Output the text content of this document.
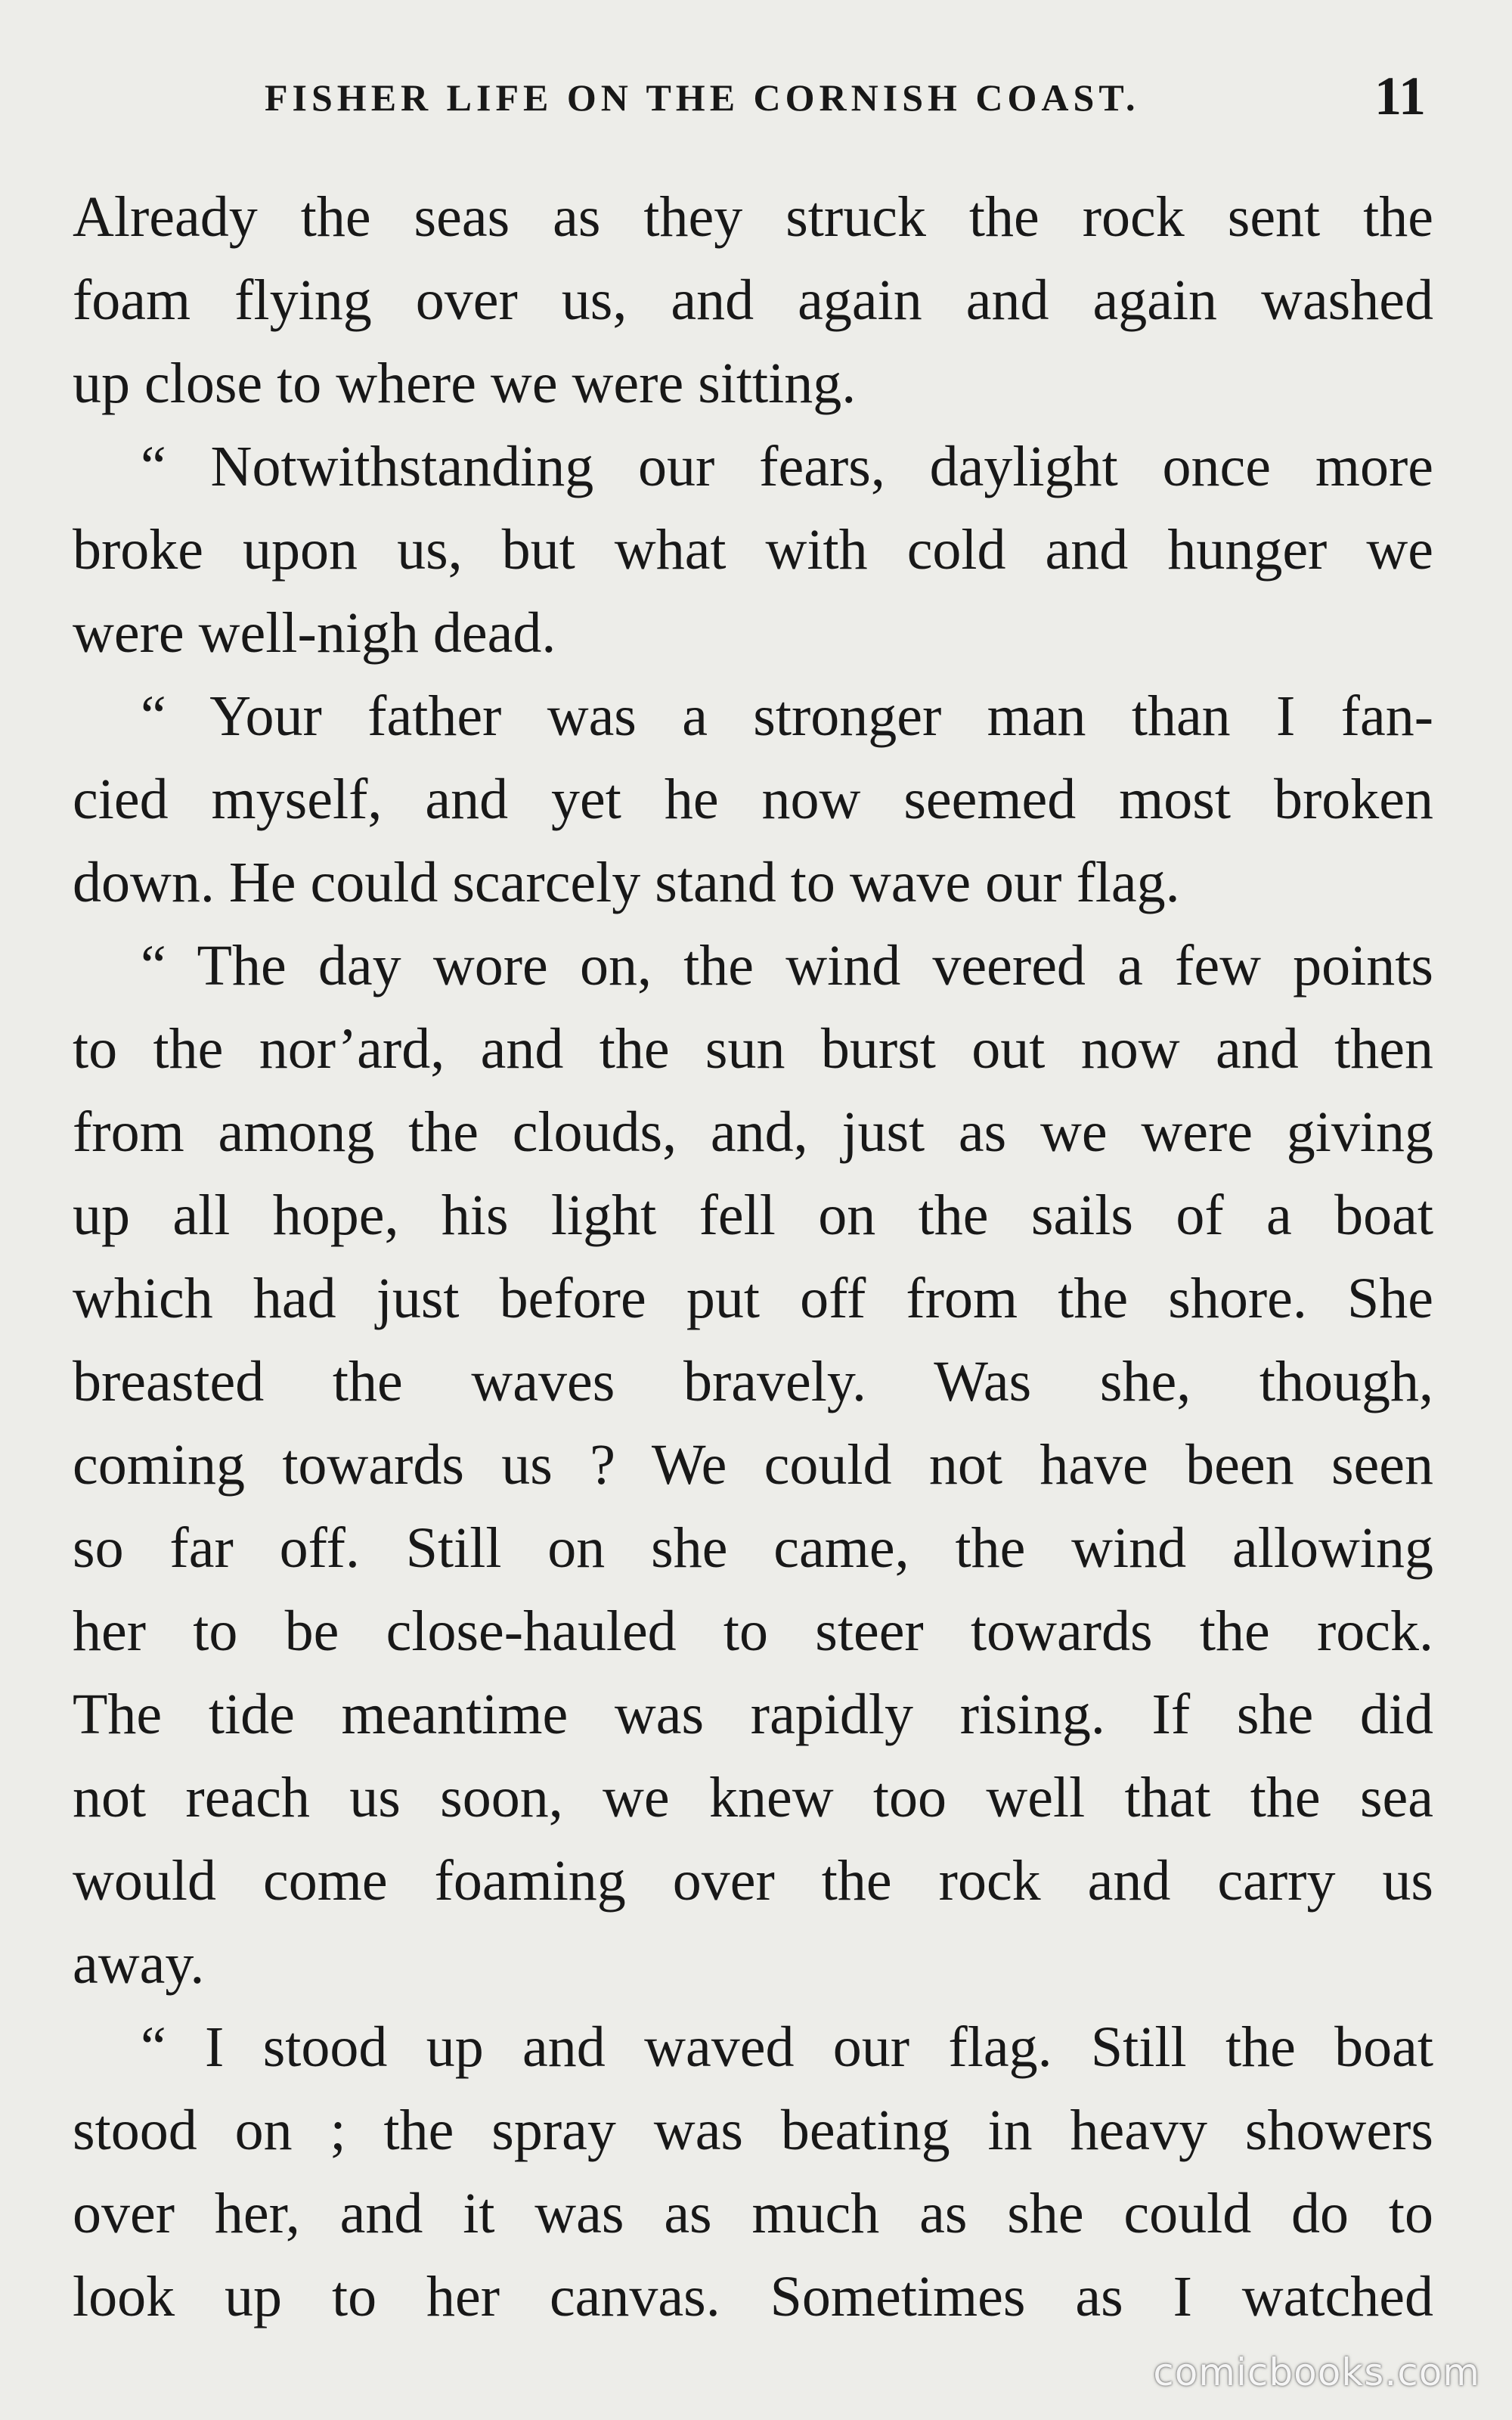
FISHER LIFE ON THE CORNISH COAST.	11
Already the seas as they struck the rock sent the
foam flying over us, and again and again washed
up close to where we were sitting.
“ Notwithstanding our fears, daylight once more
broke upon us, but what with cold and hunger we
were well-nigh dead.
“ Your father was a stronger man than I fan-
cied myself, and yet he now seemed most broken
down. He could scarcely stand to wave our flag.
“ The day wore on, the wind veered a few points
to the nor’ard, and the sun burst out now and then
from among the clouds, and, just as we were giving
up all hope, his light fell on the sails of a boat
which had just before put off from the shore. She
breasted the waves bravely. Was she, though,
coming towards us ? We could not have been seen
so far off. Still on she came, the wind allowing
her to be close-hauled to steer towards the rock.
The tide meantime was rapidly rising. If she did
not reach us soon, we knew too well that the sea
would come foaming over the rock and carry us
away.
“ I stood up and waved our flag. Still the boat
stood on ; the spray was beating in heavy showers
over her, and it was as much as she could do to
look up to her canvas. Sometimes as I watched
comicbooks.com
